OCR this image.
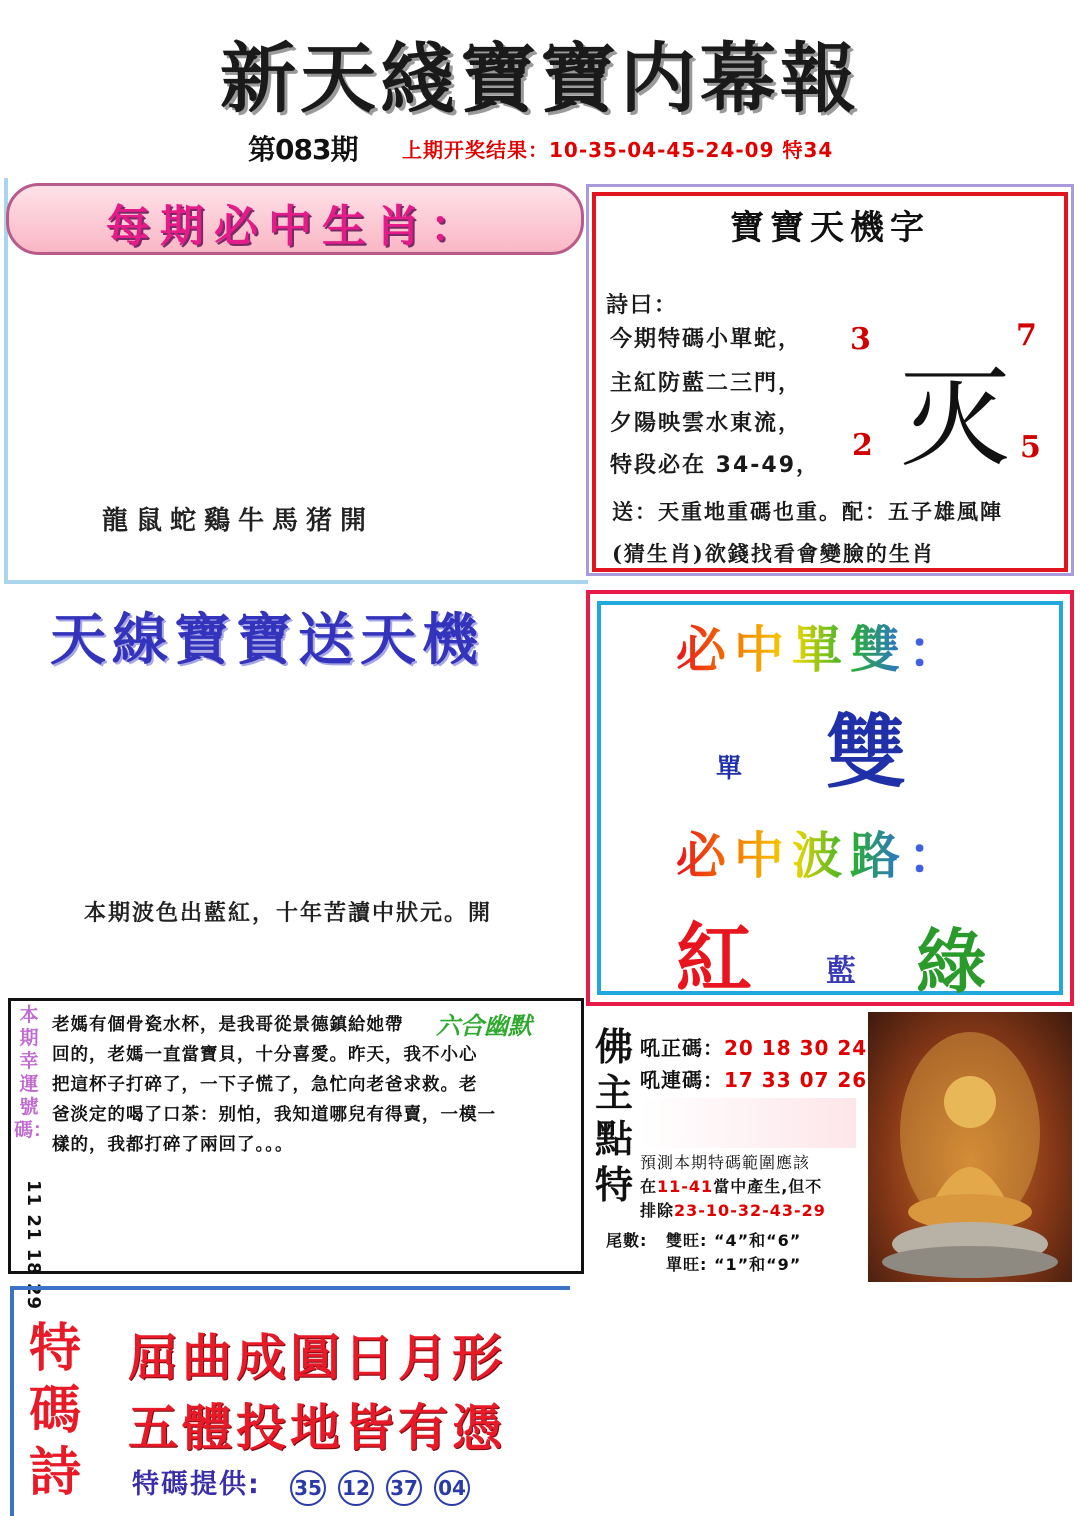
新天綫寶寶内幕報
第083期 上期开奖结果：10-35-04-45-24-09 特34
每期必中生肖：
龍鼠蛇鷄牛馬猪開
寶寶天機字
詩曰：
今期特碼小單蛇，
主紅防藍二三門，
夕陽映雲水東流，
特段必在 34-49，
3	7
2	5
灭
送：天重地重碼也重。配：五子雄風陣
(猜生肖)欲錢找看會變臉的生肖
天線寶寶送天機
本期波色出藍紅，十年苦讀中狀元。開
必中單雙：
單 雙
必中波路：
紅 藍 綠
本期幸運號碼：
11 21 18 29
老媽有個骨瓷水杯，是我哥從景德鎮給她帶
回的，老媽一直當寶貝，十分喜愛。昨天，我不小心
把這杯子打碎了，一下子慌了，急忙向老爸求救。老
爸淡定的喝了口茶：别怕，我知道哪兒有得賣，一模一
樣的，我都打碎了兩回了。。。
六合幽默 佛主點特
吼正碼：20 18 30 24
吼連碼：17 33 07 26
預測本期特碼範圍應該
在11-41當中產生,但不
排除23-10-32-43-29
尾數: 雙旺: “4”和“6”
單旺: “1”和“9”
特碼詩
屈曲成圓日月形
五體投地皆有憑
特碼提供: 35 12 37 04
